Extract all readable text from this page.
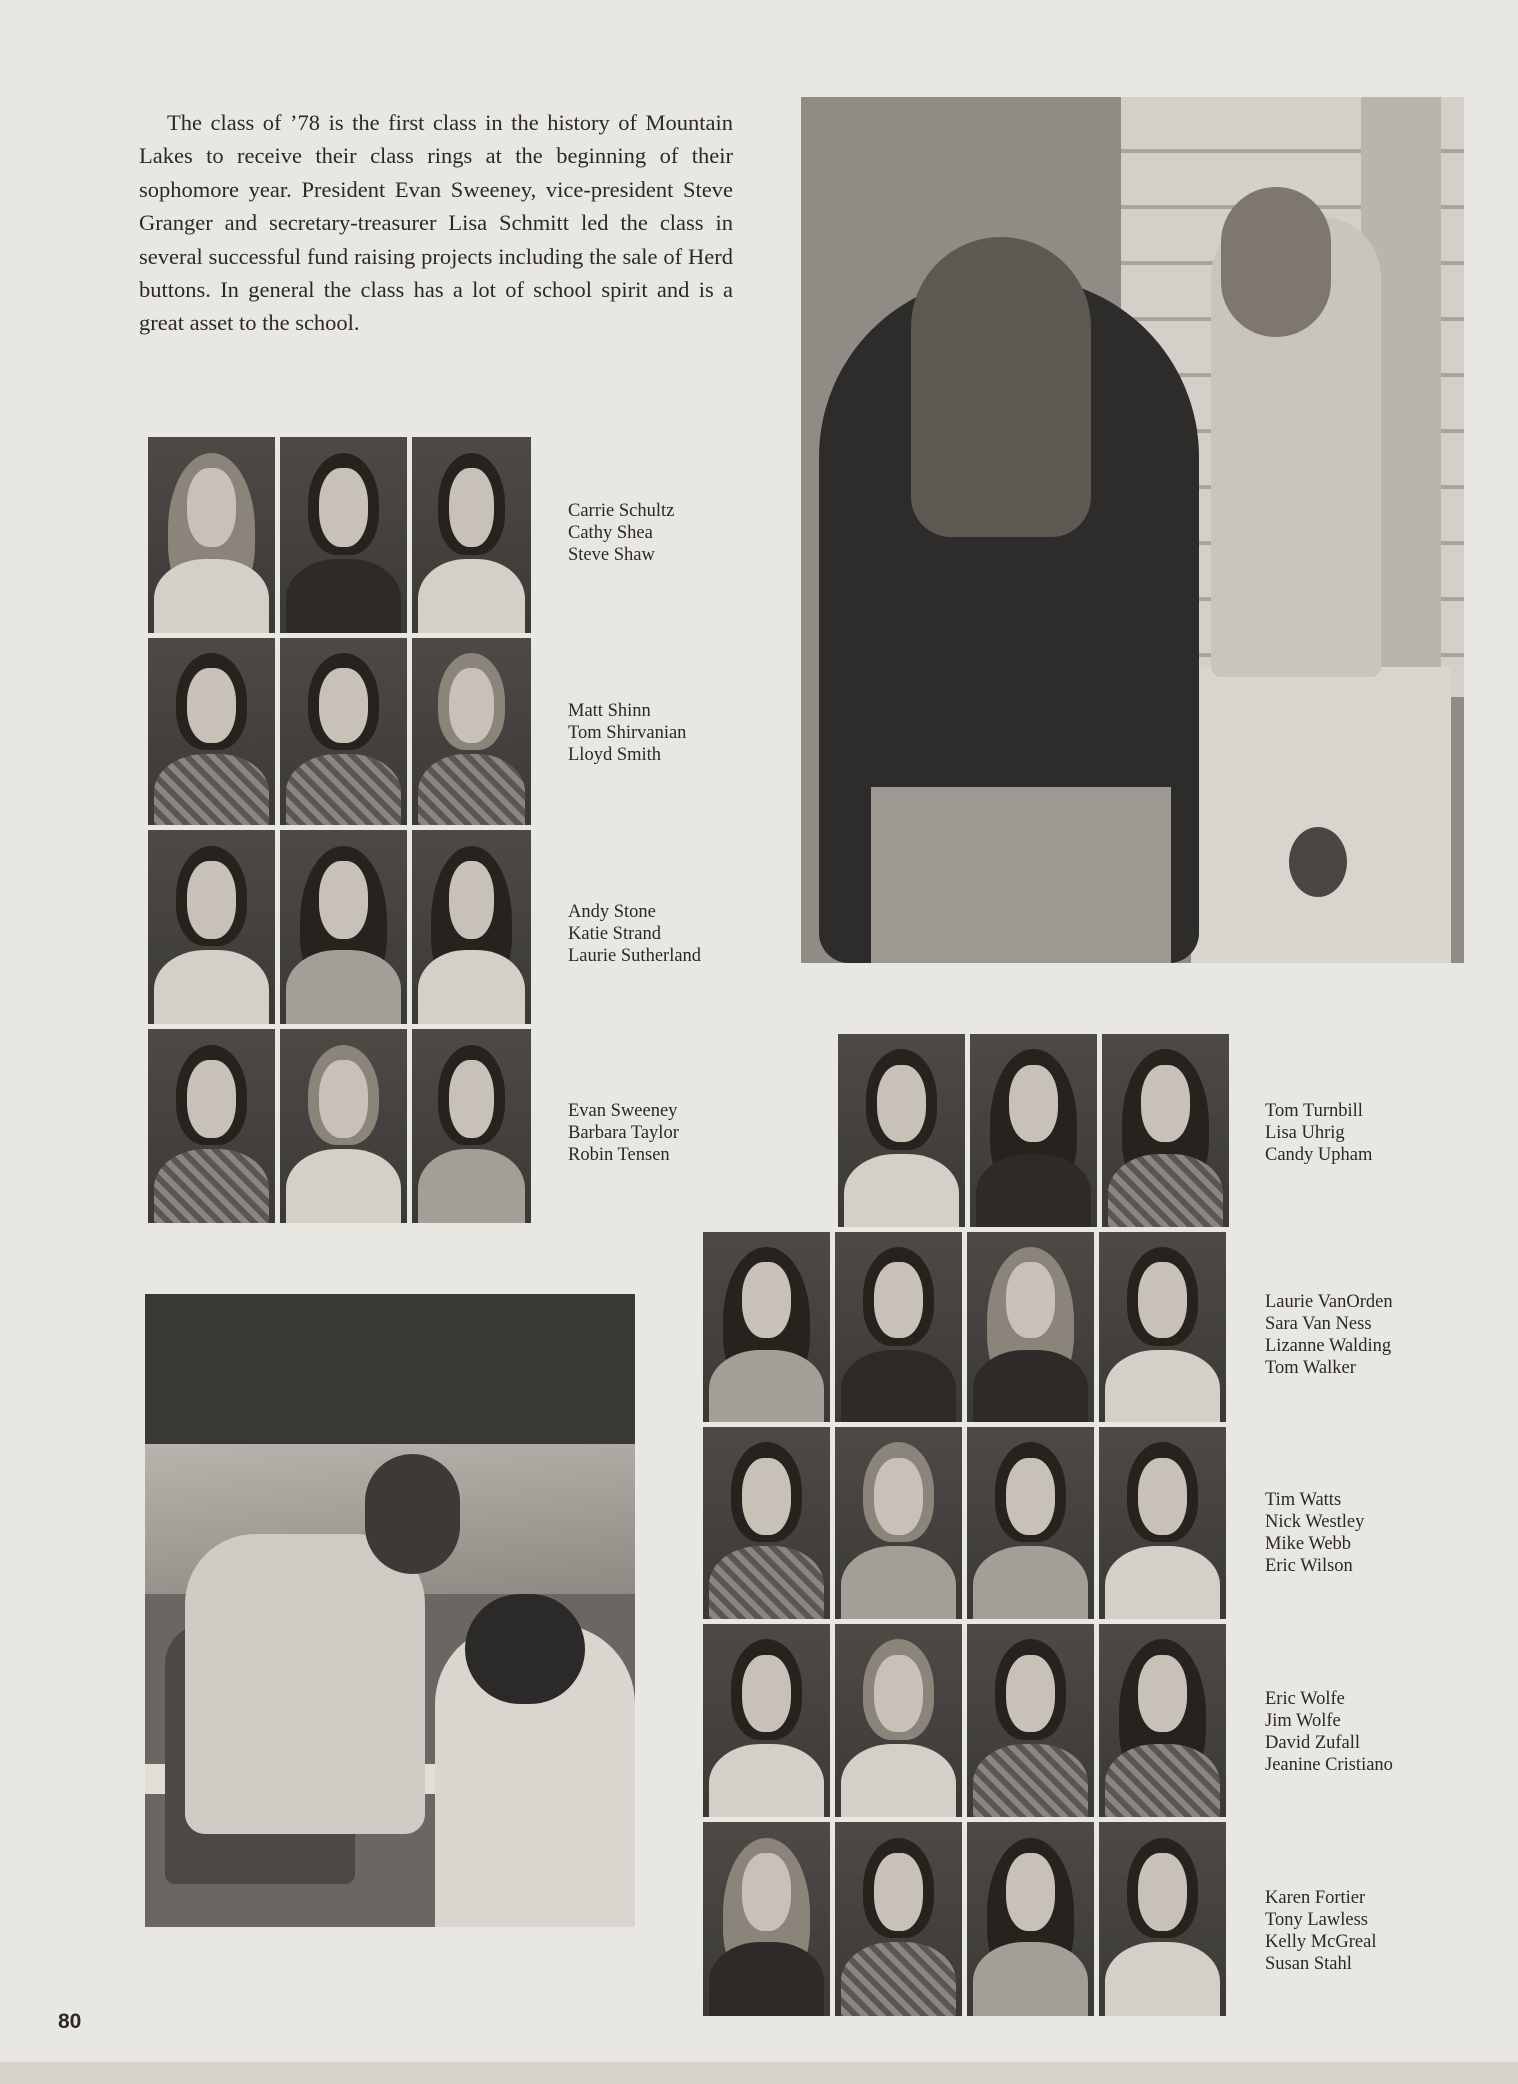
The class of ’78 is the first class in the history of Mountain Lakes to receive their class rings at the beginning of their sophomore year. President Evan Sweeney, vice-president Steve Granger and secretary-treasurer Lisa Schmitt led the class in several successful fund raising projects including the sale of Herd buttons. In general the class has a lot of school spirit and is a great asset to the school.

Carrie Schultz
Cathy Shea
Steve Shaw
Matt Shinn
Tom Shirvanian
Lloyd Smith
Andy Stone
Katie Strand
Laurie Sutherland
Evan Sweeney
Barbara Taylor
Robin Tensen
Tom Turnbill
Lisa Uhrig
Candy Upham
Laurie VanOrden
Sara Van Ness
Lizanne Walding
Tom Walker
Tim Watts
Nick Westley
Mike Webb
Eric Wilson
Eric Wolfe
Jim Wolfe
David Zufall
Jeanine Cristiano
Karen Fortier
Tony Lawless
Kelly McGreal
Susan Stahl
80
